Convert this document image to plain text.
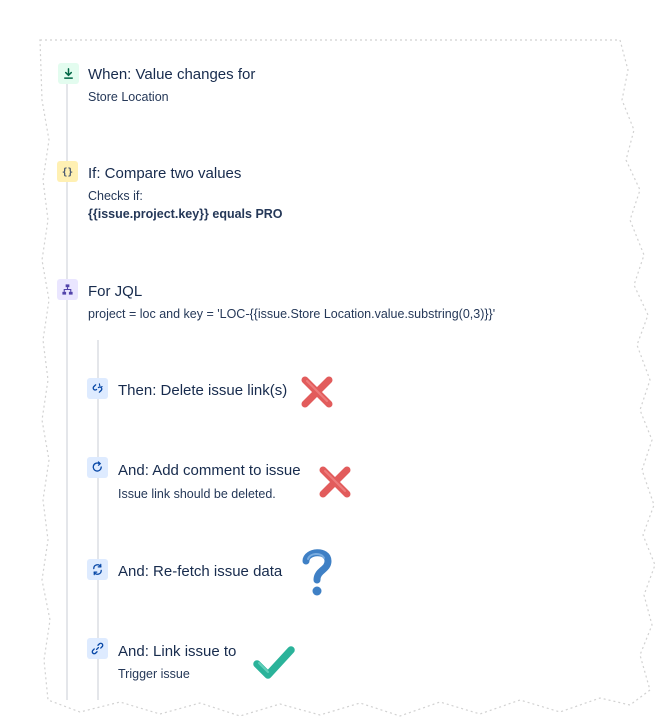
When: Value changes for
Store Location
{} If: Compare two values
Checks if:
{{issue.project.key}} equals PRO
For JQL
project = loc and key = 'LOC-{{issue.Store Location.value.substring(0,3)}}'
Then: Delete issue link(s)
And: Add comment to issue
Issue link should be deleted.
And: Re-fetch issue data
And: Link issue to
Trigger issue
